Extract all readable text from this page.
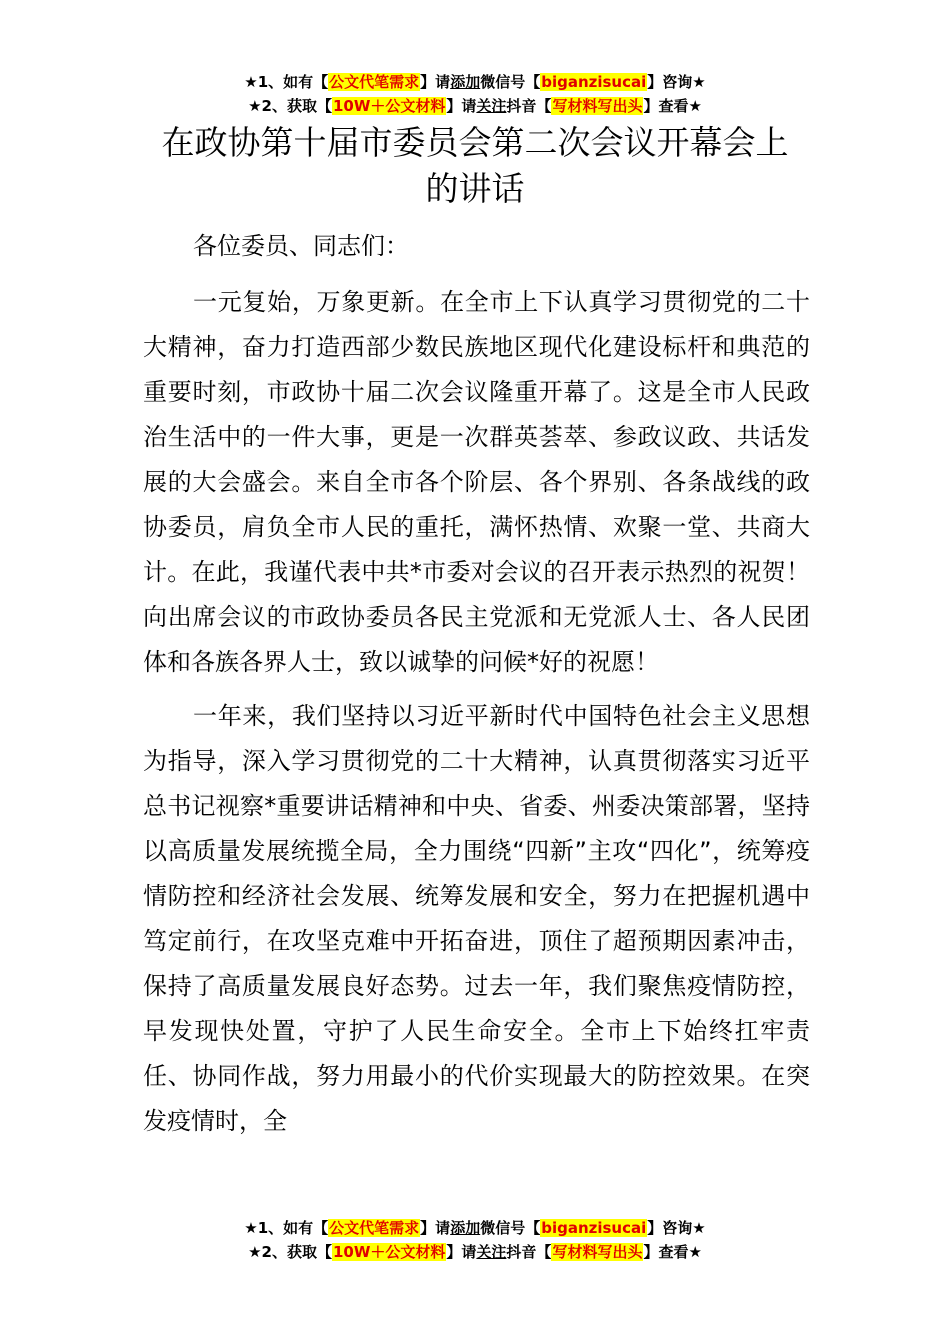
★1、如有【公文代笔需求】请添加微信号【biganzisucai】咨询★
★2、获取【10W＋公文材料】请关注抖音【写材料写出头】查看★
在政协第十届市委员会第二次会议开幕会上
的讲话

各位委员、同志们：

一元复始，万象更新。在全市上下认真学习贯彻党的二十大精神，奋力打造西部少数民族地区现代化建设标杆和典范的重要时刻，市政协十届二次会议隆重开幕了。这是全市人民政治生活中的一件大事，更是一次群英荟萃、参政议政、共话发展的大会盛会。来自全市各个阶层、各个界别、各条战线的政协委员，肩负全市人民的重托，满怀热情、欢聚一堂、共商大计。在此，我谨代表中共*市委对会议的召开表示热烈的祝贺！向出席会议的市政协委员各民主党派和无党派人士、各人民团体和各族各界人士，致以诚挚的问候*好的祝愿！

一年来，我们坚持以习近平新时代中国特色社会主义思想为指导，深入学习贯彻党的二十大精神，认真贯彻落实习近平总书记视察*重要讲话精神和中央、省委、州委决策部署，坚持以高质量发展统揽全局，全力围绕“四新”主攻“四化”，统筹疫情防控和经济社会发展、统筹发展和安全，努力在把握机遇中笃定前行，在攻坚克难中开拓奋进，顶住了超预期因素冲击，保持了高质量发展良好态势。过去一年，我们聚焦疫情防控，早发现快处置，守护了人民生命安全。全市上下始终扛牢责任、协同作战，努力用最小的代价实现最大的防控效果。在突发疫情时，全

★1、如有【公文代笔需求】请添加微信号【biganzisucai】咨询★
★2、获取【10W＋公文材料】请关注抖音【写材料写出头】查看★
